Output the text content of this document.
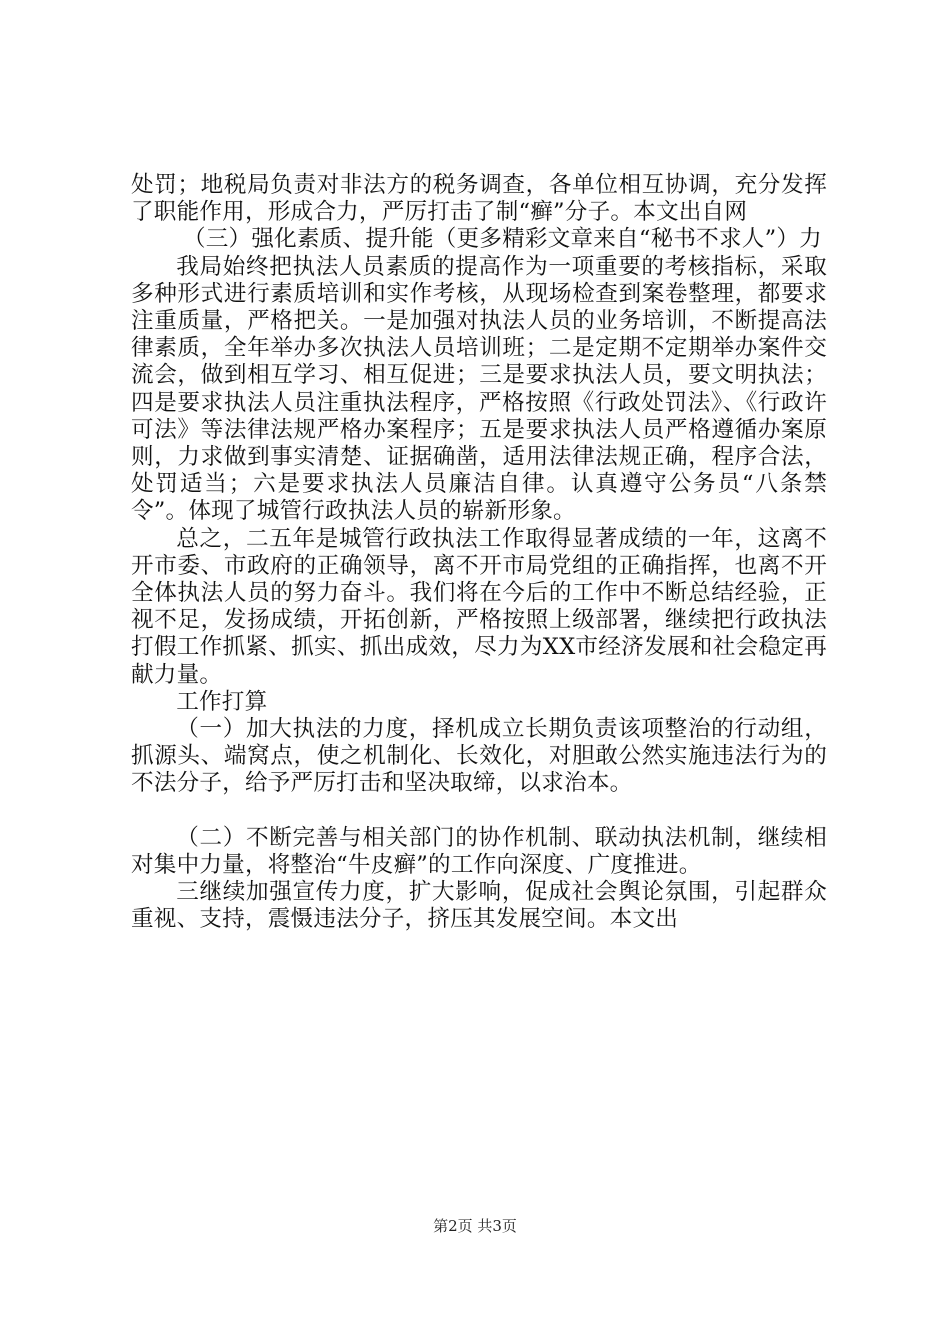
处罚；地税局负责对非法方的税务调查，各单位相互协调，充分发挥了职能作用，形成合力，严厉打击了制“癣”分子。本文出自网

（三）强化素质、提升能（更多精彩文章来自“秘书不求人”）力

我局始终把执法人员素质的提高作为一项重要的考核指标，采取多种形式进行素质培训和实作考核，从现场检查到案卷整理，都要求注重质量，严格把关。一是加强对执法人员的业务培训，不断提高法律素质，全年举办多次执法人员培训班；二是定期不定期举办案件交流会，做到相互学习、相互促进；三是要求执法人员，要文明执法；四是要求执法人员注重执法程序，严格按照《行政处罚法》、《行政许可法》等法律法规严格办案程序；五是要求执法人员严格遵循办案原则，力求做到事实清楚、证据确凿，适用法律法规正确，程序合法，处罚适当；六是要求执法人员廉洁自律。认真遵守公务员“八条禁令”。体现了城管行政执法人员的崭新形象。

总之，二五年是城管行政执法工作取得显著成绩的一年，这离不开市委、市政府的正确领导，离不开市局党组的正确指挥，也离不开全体执法人员的努力奋斗。我们将在今后的工作中不断总结经验，正视不足，发扬成绩，开拓创新，严格按照上级部署，继续把行政执法打假工作抓紧、抓实、抓出成效，尽力为XX市经济发展和社会稳定再献力量。

工作打算

（一）加大执法的力度，择机成立长期负责该项整治的行动组，抓源头、端窝点，使之机制化、长效化，对胆敢公然实施违法行为的不法分子，给予严厉打击和坚决取缔，以求治本。

（二）不断完善与相关部门的协作机制、联动执法机制，继续相对集中力量，将整治“牛皮癣”的工作向深度、广度推进。

三继续加强宣传力度，扩大影响，促成社会舆论氛围，引起群众重视、支持，震慑违法分子，挤压其发展空间。本文出

第2页 共3页
